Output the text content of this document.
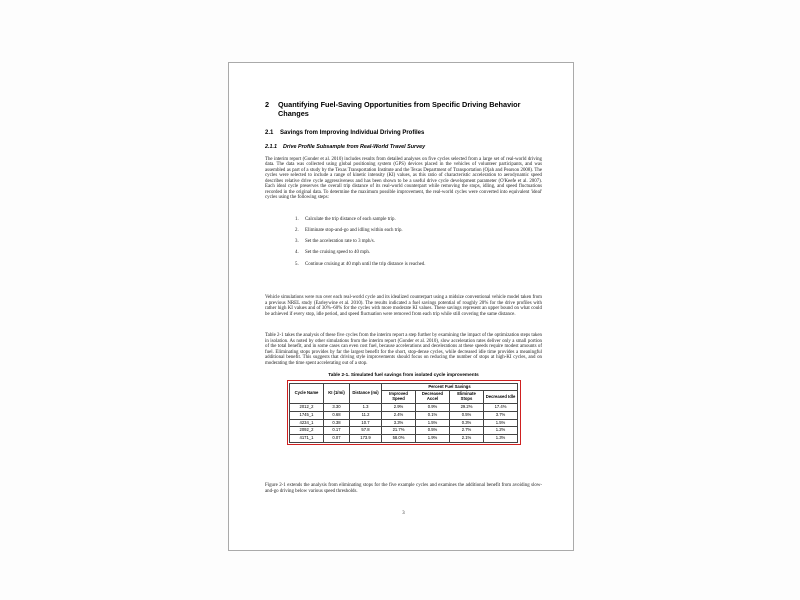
2	Quantifying Fuel-Saving Opportunities from Specific Driving Behavior Changes
2.1	Savings from Improving Individual Driving Profiles
2.1.1	Drive Profile Subsample from Real-World Travel Survey
The interim report (Gonder et al. 2010) includes results from detailed analyses on five cycles selected from a large set of real-world driving data. The data was collected using global positioning system (GPS) devices placed in the vehicles of volunteer participants, and was assembled as part of a study by the Texas Transportation Institute and the Texas Department of Transportation (Ojah and Pearson 2008). The cycles were selected to include a range of kinetic intensity (KI) values, as this ratio of characteristic acceleration to aerodynamic speed describes relative drive cycle aggressiveness and has been shown to be a useful drive cycle development parameter (O'Keefe et al. 2007). Each ideal cycle preserves the overall trip distance of its real-world counterpart while removing the stops, idling, and speed fluctuations recorded in the original data. To determine the maximum possible improvement, the real-world cycles were converted into equivalent 'ideal' cycles using the following steps:
1.	Calculate the trip distance of each sample trip.
2.	Eliminate stop-and-go and idling within each trip.
3.	Set the acceleration rate to 3 mph/s.
4.	Set the cruising speed to 40 mph.
5.	Continue cruising at 40 mph until the trip distance is reached.
Vehicle simulations were run over each real-world cycle and its idealized counterpart using a midsize conventional vehicle model taken from a previous NREL study (Earleywine et al. 2010). The results indicated a fuel savings potential of roughly 20% for the drive profiles with rather high KI values and of 30%–60% for the cycles with more moderate KI values. These savings represent an upper bound on what could be achieved if every stop, idle period, and speed fluctuation were removed from each trip while still covering the same distance.
Table 2-1 takes the analysis of these five cycles from the interim report a step further by examining the impact of the optimization steps taken in isolation. As noted by other simulations from the interim report (Gonder et al. 2010), slow acceleration rates deliver only a small portion of the total benefit, and in some cases can even cost fuel, because accelerations and decelerations at these speeds require modest amounts of fuel. Eliminating stops provides by far the largest benefit for the short, stop-dense cycles, while decreased idle time provides a meaningful additional benefit. This suggests that driving style improvements should focus on reducing the number of stops at high-KI cycles, and on moderating the time spent accelerating out of a stop.
Table 2-1. Simulated fuel savings from isolated cycle improvements
Cycle Name	KI (1/mi)	Distance (mi)	Percent Fuel Savings			
			Improved Speed	Decreased Accel	Eliminate Stops	Decreased Idle
2012_2	3.30	1.3	2.9%	0.9%	29.2%	17.4%
1745_1	0.68	11.2	2.4%	0.1%	0.5%	3.7%
4234_1	0.38	10.7	3.3%	1.5%	0.3%	1.5%
2092_2	0.17	57.8	21.7%	0.5%	2.7%	1.2%
4171_1	0.07	173.9	58.0%	1.9%	2.1%	1.3%
Figure 2-1 extends the analysis from eliminating stops for the five example cycles and examines the additional benefit from avoiding slow-and-go driving below various speed thresholds.
3
